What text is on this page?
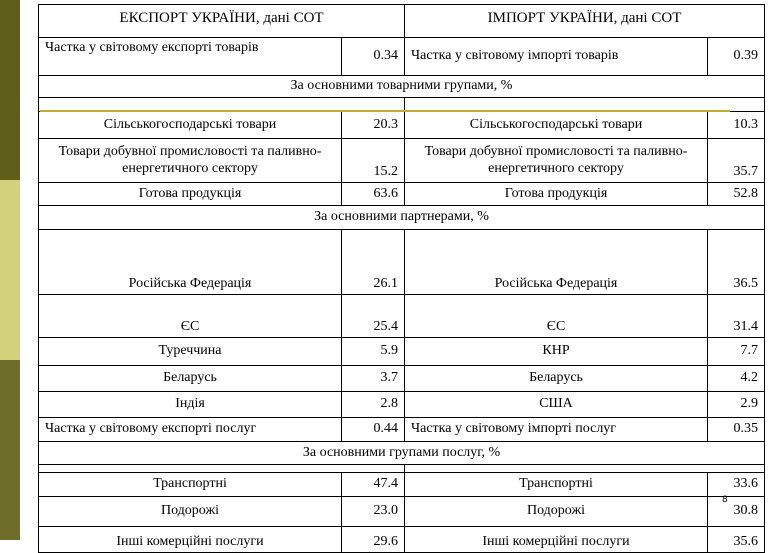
ЕКСПОРТ УКРАЇНИ, дані СОТ		ІМПОРТ УКРАЇНИ, дані СОТ	
Частка у світовому експорті товарів	0.34	Частка у світовому імпорті товарів	0.39
За основними товарними групами, %			

Сільськогосподарські товари	20.3	Сільськогосподарські товари	10.3
Товари добувної промисловості та паливно-енергетичного сектору	15.2	Товари добувної промисловості та паливно-енергетичного сектору	35.7
Готова продукція	63.6	Готова продукція	52.8
За основними партнерами, %			
Російська Федерація	26.1	Російська Федерація	36.5
ЄС	25.4	ЄС	31.4
Туреччина	5.9	КНР	7.7
Беларусь	3.7	Беларусь	4.2
Індія	2.8	США	2.9
Частка у світовому експорті послуг	0.44	Частка у світовому імпорті послуг	0.35
За основними групами послуг, %			

Транспортні	47.4	Транспортні	33.6
Подорожі	23.0	Подорожі	30.8
Інші комерційні послуги	29.6	Інші комерційні послуги	35.6
8
